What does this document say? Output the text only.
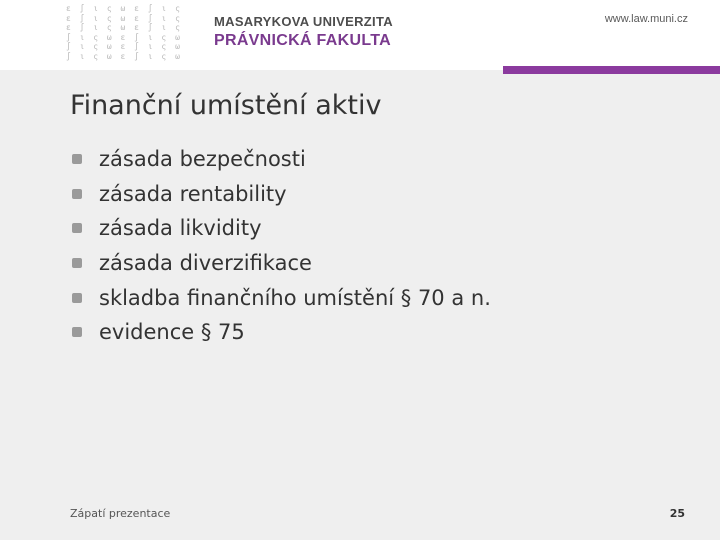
ε ∫ ι ς ω ε ∫ ι ς
ε ∫ ι ς ω ε ∫ ι ς
ε ∫ ι ς ω ε ∫ ι ς
∫ ι ς ω ε ∫ ι ς ω
∫ ι ς ω ε ∫ ι ς ω
∫ ι ς ω ε ∫ ι ς ω
MASARYKOVA UNIVERZITA
PRÁVNICKÁ FAKULTA
www.law.muni.cz
Finanční umístění aktiv
zásada bezpečnosti
zásada rentability
zásada likvidity
zásada diverzifikace
skladba finančního umístění § 70 a n.
evidence § 75
Zápatí prezentace	25
